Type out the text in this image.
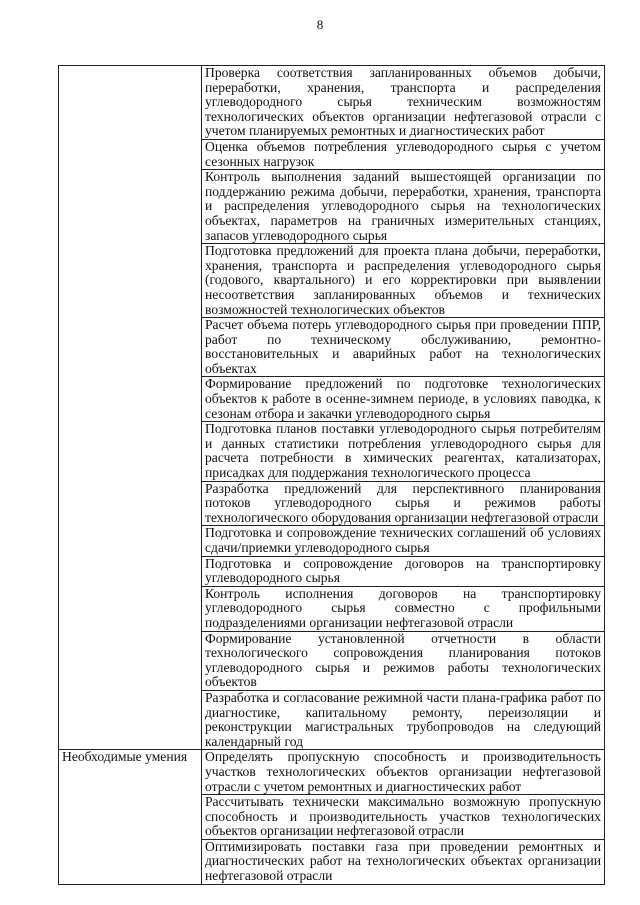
8

	Проверка соответствия запланированных объемов добычи, переработки, хранения, транспорта и распределения углеводородного сырья техническим возможностям технологических объектов организации нефтегазовой отрасли с учетом планируемых ремонтных и диагностических работ

	Оценка объемов потребления углеводородного сырья с учетом сезонных нагрузок

	Контроль выполнения заданий вышестоящей организации по поддержанию режима добычи, переработки, хранения, транспорта и распределения углеводородного сырья на технологических объектах, параметров на граничных измерительных станциях, запасов углеводородного сырья

	Подготовка предложений для проекта плана добычи, переработки, хранения, транспорта и распределения углеводородного сырья (годового, квартального) и его корректировки при выявлении несоответствия запланированных объемов и технических возможностей технологических объектов

	Расчет объема потерь углеводородного сырья при проведении ППР, работ по техническому обслуживанию, ремонтно-восстановительных и аварийных работ на технологических объектах

	Формирование предложений по подготовке технологических объектов к работе в осенне-зимнем периоде, в условиях паводка, к сезонам отбора и закачки углеводородного сырья

	Подготовка планов поставки углеводородного сырья потребителям и данных статистики потребления углеводородного сырья для расчета потребности в химических реагентах, катализаторах, присадках для поддержания технологического процесса

	Разработка предложений для перспективного планирования потоков углеводородного сырья и режимов работы технологического оборудования организации нефтегазовой отрасли

	Подготовка и сопровождение технических соглашений об условиях сдачи/приемки углеводородного сырья

	Подготовка и сопровождение договоров на транспортировку углеводородного сырья

	Контроль исполнения договоров на транспортировку углеводородного сырья совместно с профильными подразделениями организации нефтегазовой отрасли

	Формирование установленной отчетности в области технологического сопровождения планирования потоков углеводородного сырья и режимов работы технологических объектов

	Разработка и согласование режимной части плана-графика работ по диагностике, капитальному ремонту, переизоляции и реконструкции магистральных трубопроводов на следующий календарный год

Необходимые умения	Определять пропускную способность и производительность участков технологических объектов организации нефтегазовой отрасли с учетом ремонтных и диагностических работ

	Рассчитывать технически максимально возможную пропускную способность и производительность участков технологических объектов организации нефтегазовой отрасли

	Оптимизировать поставки газа при проведении ремонтных и диагностических работ на технологических объектах организации нефтегазовой отрасли
